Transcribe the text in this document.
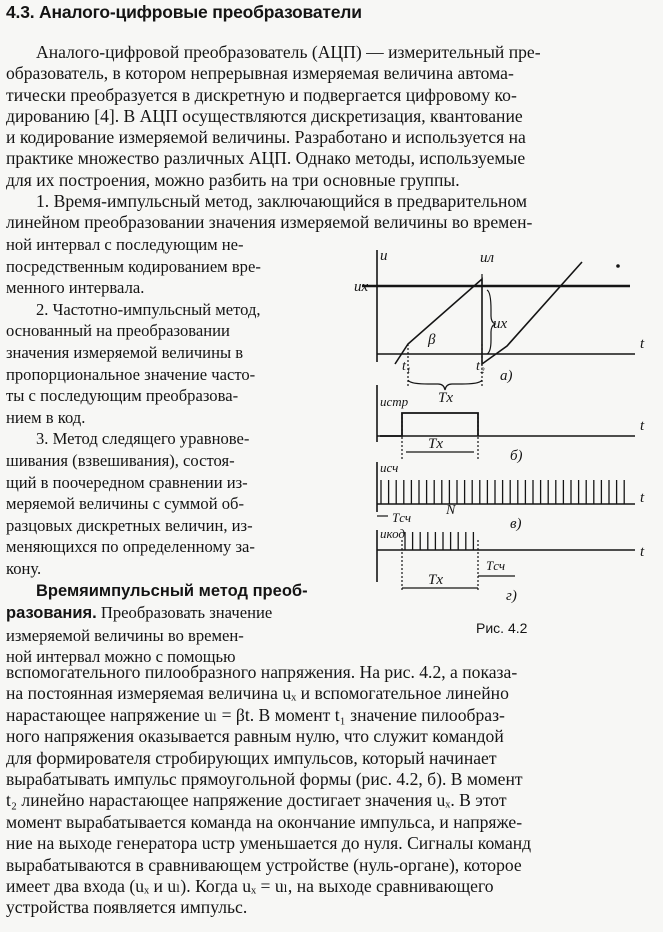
4.3. Аналого-цифровые преобразователи
Аналого-цифровой преобразователь (АЦП) — измерительный пре-
образователь, в котором непрерывная измеряемая величина автома-
тически преобразуется в дискретную и подвергается цифровому ко-
дированию [4]. В АЦП осуществляются дискретизация, квантование
и кодирование измеряемой величины. Разработано и используется на
практике множество различных АЦП. Однако методы, используемые
для их построения, можно разбить на три основные группы.
1. Время-импульсный метод, заключающийся в предварительном
линейном преобразовании значения измеряемой величины во времен-
ной интервал с последующим не-
посредственным кодированием вре-
менного интервала.
2. Частотно-импульсный метод,
основанный на преобразовании
значения измеряемой величины в
пропорциональное значение часто-
ты с последующим преобразова-
нием в код.
3. Метод следящего уравнове-
шивания (взвешивания), состоя-
щий в поочередном сравнении из-
меряемой величины с суммой об-
разцовых дискретных величин, из-
меняющихся по определенному за-
кону.
Времяимпульсный метод преоб-
разования. Преобразовать значение
измеряемой величины во времен-
ной интервал можно с помощью
u
uх
uл
uх
t
t₁	t₂
β
Tх
а)
uстр
t
Tх
б)
uсч
t
Tсч N
в)
uкод
t
Tсч
Tх
г)
Рис. 4.2
вспомогательного пилообразного напряжения. На рис. 4.2, а показа-
на постоянная измеряемая величина uₓ и вспомогательное линейно
нарастающее напряжение uₗ = βt. В момент t₁ значение пилообраз-
ного напряжения оказывается равным нулю, что служит командой
для формирователя стробирующих импульсов, который начинает
вырабатывать импульс прямоугольной формы (рис. 4.2, б). В момент
t₂ линейно нарастающее напряжение достигает значения uₓ. В этот
момент вырабатывается команда на окончание импульса, и напряже-
ние на выходе генератора uстр уменьшается до нуля. Сигналы команд
вырабатываются в сравнивающем устройстве (нуль-органе), которое
имеет два входа (uₓ и uₗ). Когда uₓ = uₗ, на выходе сравнивающего
устройства появляется импульс.
